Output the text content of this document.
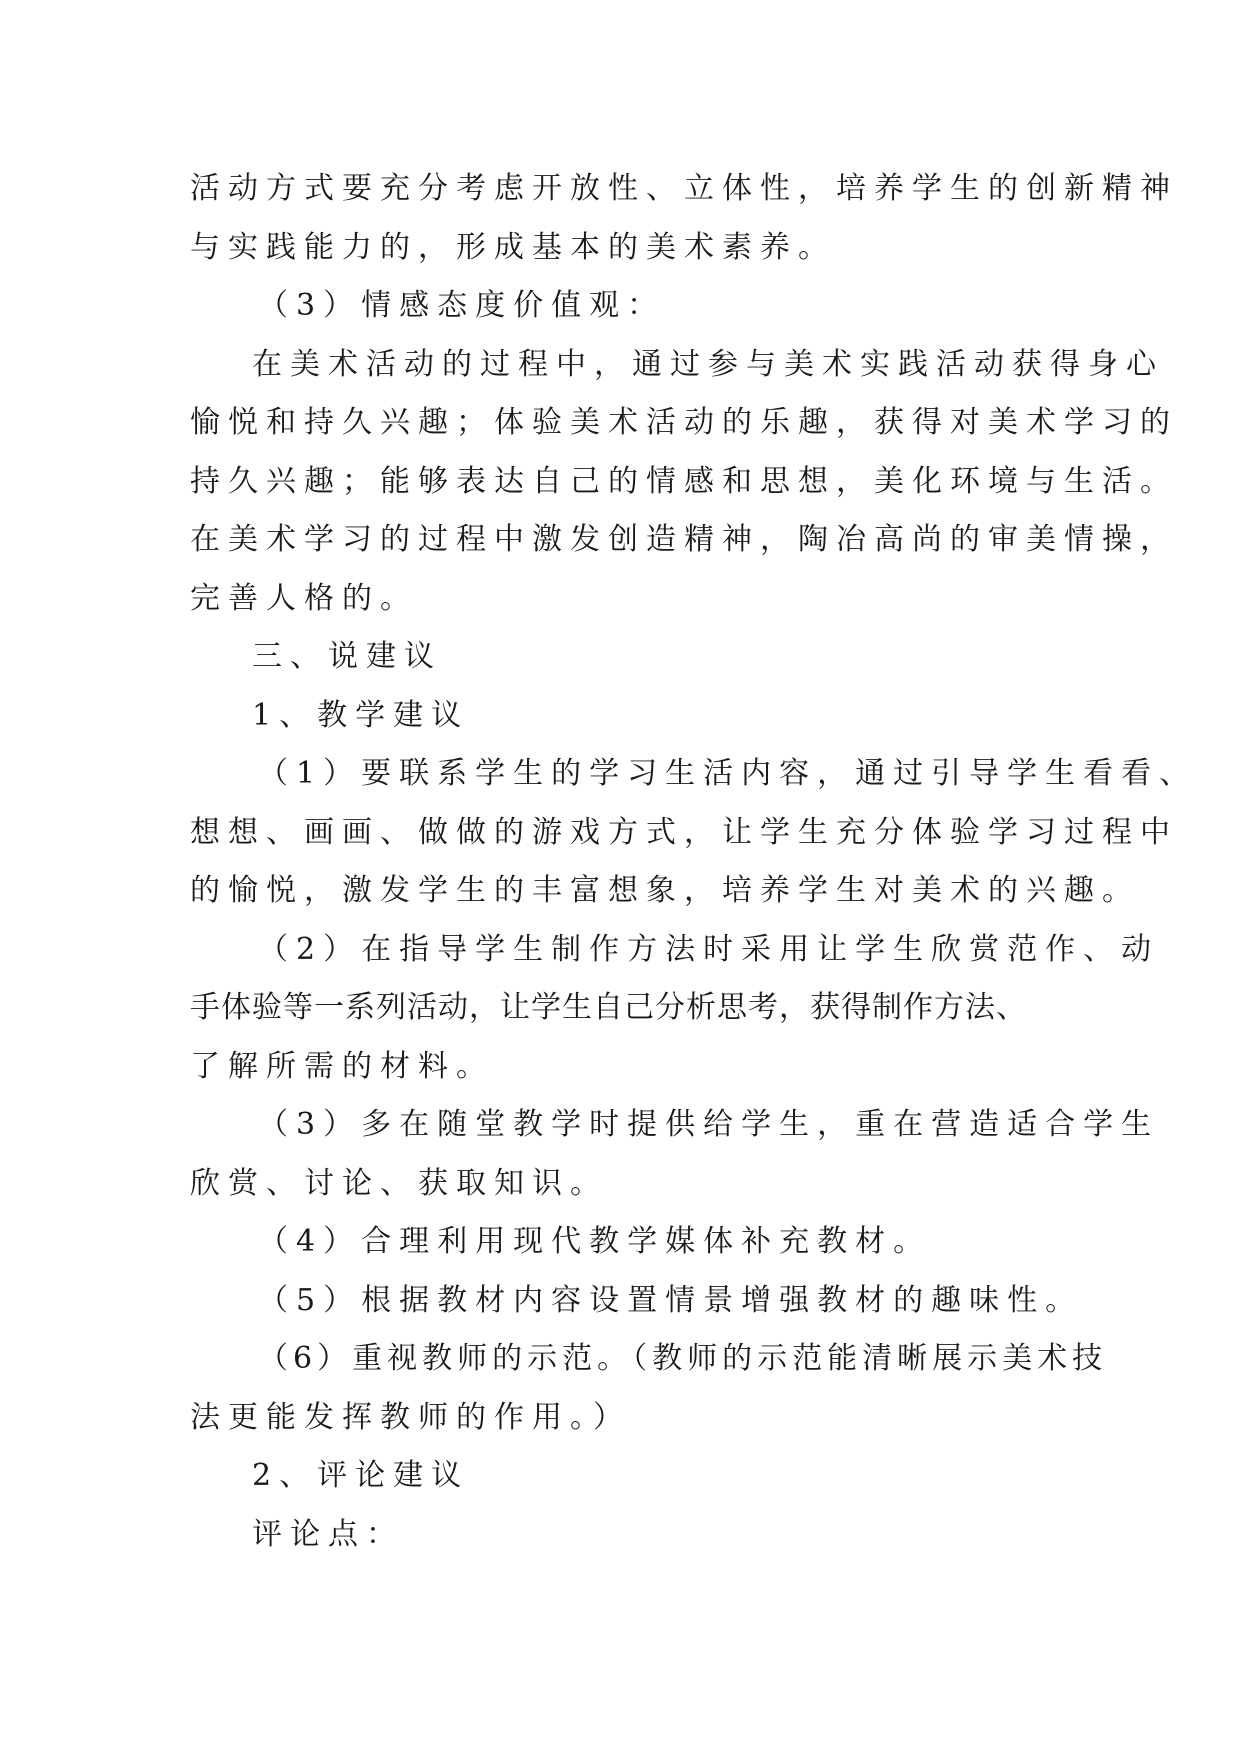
活动方式要充分考虑开放性、立体性，培养学生的创新精神
与实践能力的，形成基本的美术素养。
（3）情感态度价值观：
在美术活动的过程中，通过参与美术实践活动获得身心
愉悦和持久兴趣；体验美术活动的乐趣，获得对美术学习的
持久兴趣；能够表达自己的情感和思想，美化环境与生活。
在美术学习的过程中激发创造精神，陶冶高尚的审美情操，
完善人格的。
三、说建议
1、教学建议
（1）要联系学生的学习生活内容，通过引导学生看看、
想想、画画、做做的游戏方式，让学生充分体验学习过程中
的愉悦，激发学生的丰富想象，培养学生对美术的兴趣。
（2）在指导学生制作方法时采用让学生欣赏范作、动
手体验等一系列活动，让学生自己分析思考，获得制作方法、
了解所需的材料。
（3）多在随堂教学时提供给学生，重在营造适合学生
欣赏、讨论、获取知识。
（4）合理利用现代教学媒体补充教材。
（5）根据教材内容设置情景增强教材的趣味性。
（6）重视教师的示范。（教师的示范能清晰展示美术技
法更能发挥教师的作用。）
2、评论建议
评论点：
